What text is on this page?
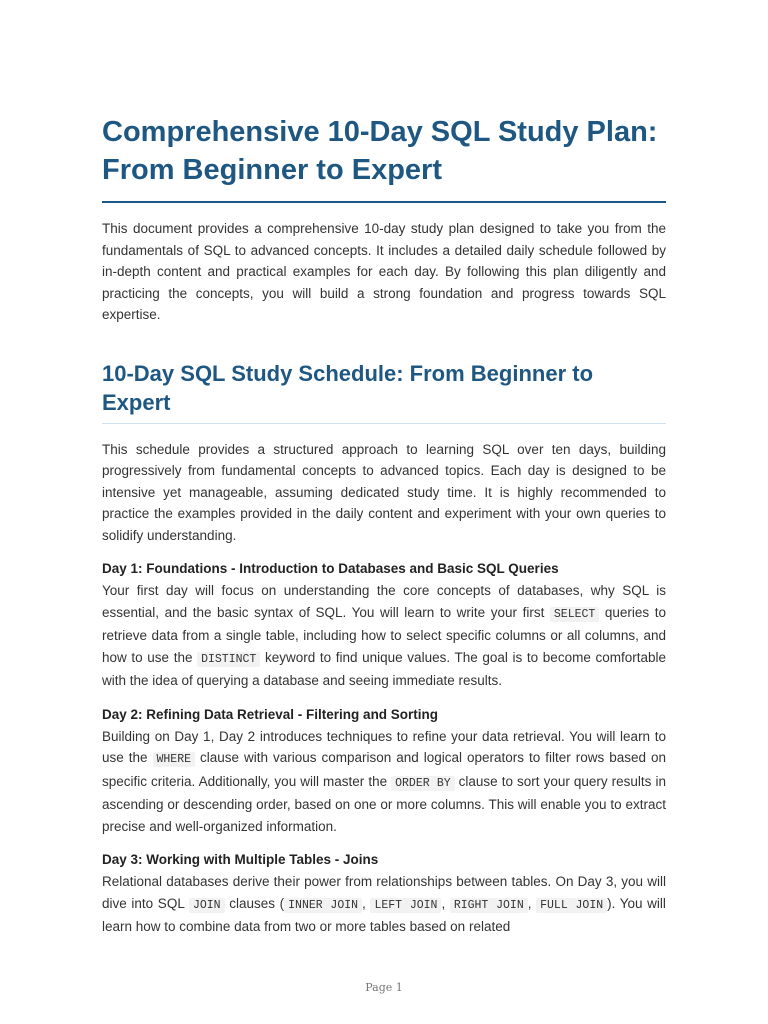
Comprehensive 10-Day SQL Study Plan: From Beginner to Expert

This document provides a comprehensive 10-day study plan designed to take you from the fundamentals of SQL to advanced concepts. It includes a detailed daily schedule followed by in-depth content and practical examples for each day. By following this plan diligently and practicing the concepts, you will build a strong foundation and progress towards SQL expertise.

10-Day SQL Study Schedule: From Beginner to Expert

This schedule provides a structured approach to learning SQL over ten days, building progressively from fundamental concepts to advanced topics. Each day is designed to be intensive yet manageable, assuming dedicated study time. It is highly recommended to practice the examples provided in the daily content and experiment with your own queries to solidify understanding.

Day 1: Foundations - Introduction to Databases and Basic SQL Queries

Your first day will focus on understanding the core concepts of databases, why SQL is essential, and the basic syntax of SQL. You will learn to write your first SELECT queries to retrieve data from a single table, including how to select specific columns or all columns, and how to use the DISTINCT keyword to find unique values. The goal is to become comfortable with the idea of querying a database and seeing immediate results.

Day 2: Refining Data Retrieval - Filtering and Sorting

Building on Day 1, Day 2 introduces techniques to refine your data retrieval. You will learn to use the WHERE clause with various comparison and logical operators to filter rows based on specific criteria. Additionally, you will master the ORDER BY clause to sort your query results in ascending or descending order, based on one or more columns. This will enable you to extract precise and well-organized information.

Day 3: Working with Multiple Tables - Joins

Relational databases derive their power from relationships between tables. On Day 3, you will dive into SQL JOIN clauses ( INNER JOIN , LEFT JOIN , RIGHT JOIN , FULL JOIN ). You will learn how to combine data from two or more tables based on related

Page 1
